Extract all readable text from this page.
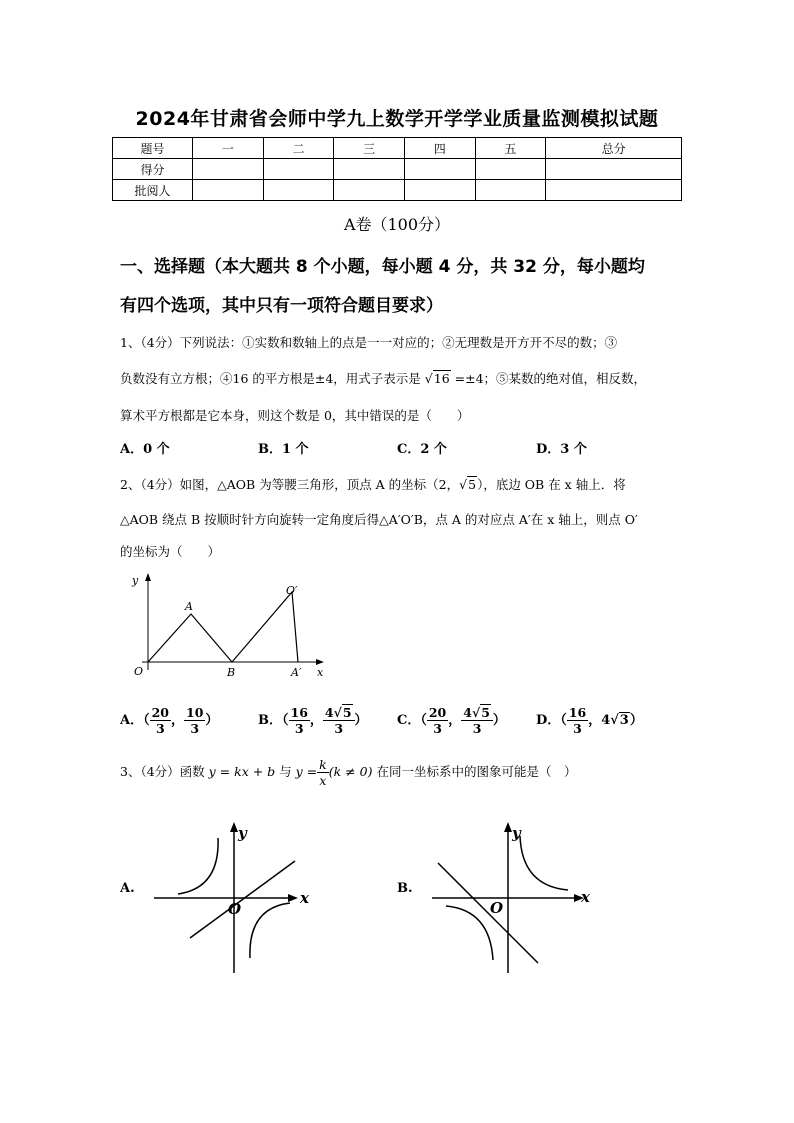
2024年甘肃省会师中学九上数学开学学业质量监测模拟试题
题号	一	二	三	四	五	总分
得分						
批阅人						
A卷（100分）
一、选择题（本大题共 8 个小题，每小题 4 分，共 32 分，每小题均
有四个选项，其中只有一项符合题目要求）
1、（4分）下列说法：①实数和数轴上的点是一一对应的；②无理数是开方开不尽的数；③
负数没有立方根；④16 的平方根是±4，用式子表示是 √16 =±4；⑤某数的绝对值，相反数，
算术平方根都是它本身，则这个数是 0，其中错误的是（　　）
A．0 个	B．1 个	C．2 个	D．3 个
2、（4分）如图，△AOB 为等腰三角形，顶点 A 的坐标（2，√5），底边 OB 在 x 轴上．将
△AOB 绕点 B 按顺时针方向旋转一定角度后得△A′O′B，点 A 的对应点 A′在 x 轴上，则点 O′
的坐标为（　　）
y
x
O
A
B
O′
A′
A．（ $\frac{20}{3}$ ， $\frac{10}{3}$ ）	B．（ $\frac{16}{3}$ ， $\frac{4√5}{3}$ ） C．（ $\frac{20}{3}$ ， $\frac{4√5}{3}$ ） D．（ $\frac{16}{3}$ ，4√3）
3、（4分）函数 y = kx + b 与 $y = \frac{k}{x} (k \ne 0)$ 在同一坐标系中的图象可能是（　）
A.
y
x
O
B.
y
x
O
